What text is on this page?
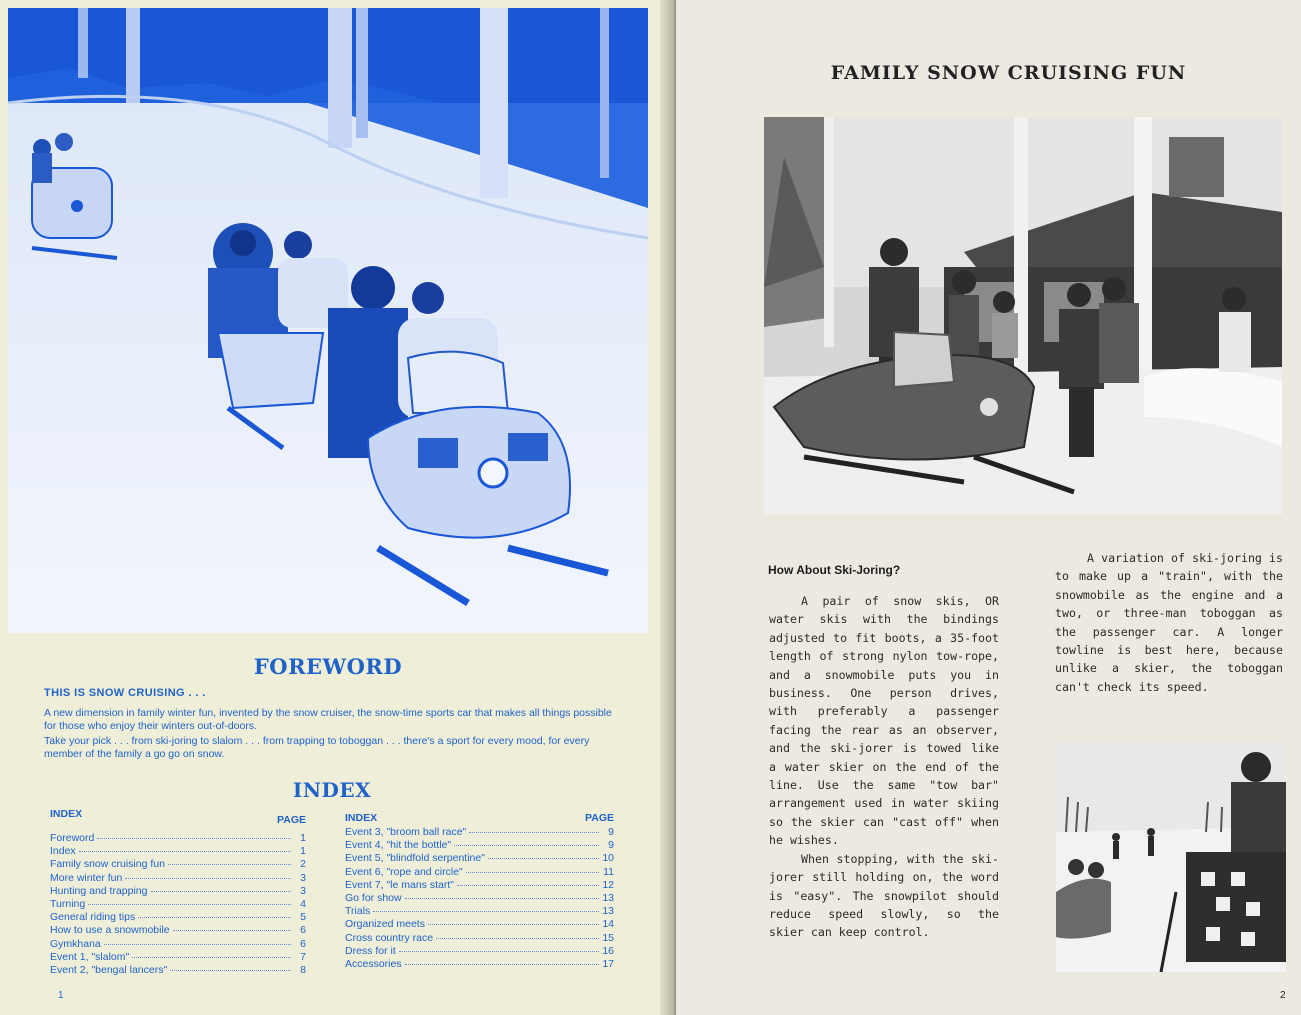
FOREWORD
THIS IS SNOW CRUISING . . .

A new dimension in family winter fun, invented by the snow cruiser, the snow-time sports car that makes all things possible for those who enjoy their winters out-of-doors.

Take your pick . . . from ski-joring to slalom . . . from trapping to toboggan . . . there's a sport for every mood, for every member of the family a go go on snow.

INDEX
INDEX	PAGE
Foreword	1
Index	1
Family snow cruising fun	2
More winter fun	3
Hunting and trapping	3
Turning	4
General riding tips	5
How to use a snowmobile	6
Gymkhana	6
Event 1, "slalom"	7
Event 2, "bengal lancers"	8
INDEX	PAGE
Event 3, "broom ball race"	9
Event 4, "hit the bottle"	9
Event 5, "blindfold serpentine"	10
Event 6, "rope and circle"	11
Event 7, "le mans start"	12
Go for show	13
Trials	13
Organized meets	14
Cross country race	15
Dress for it	16
Accessories	17
1
FAMILY SNOW CRUISING FUN
How About Ski-Joring?

A pair of snow skis, OR water skis with the bindings adjusted to fit boots, a 35-foot length of strong nylon tow-rope, and a snowmobile puts you in business. One person drives, with preferably a passenger facing the rear as an observer, and the ski-jorer is towed like a water skier on the end of the line. Use the same "tow bar" arrangement used in water skiing so the skier can "cast off" when he wishes.

When stopping, with the ski-jorer still holding on, the word is "easy". The snowpilot should reduce speed slowly, so the skier can keep control.

A variation of ski-joring is to make up a "train", with the snowmobile as the engine and a two, or three-man toboggan as the passenger car. A longer towline is best here, because unlike a skier, the toboggan can't check its speed.

2
